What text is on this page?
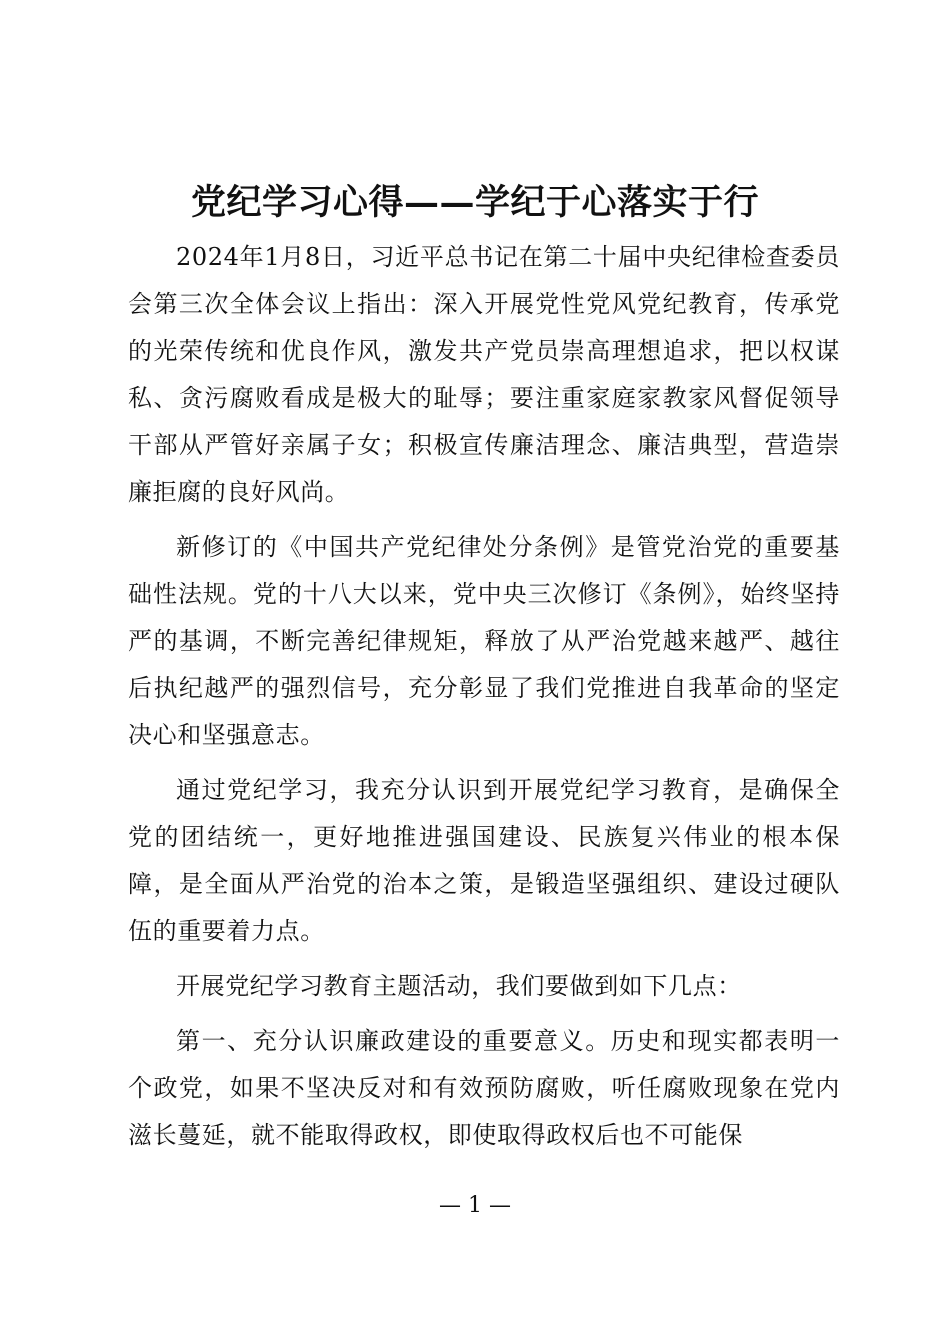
党纪学习心得——学纪于心落实于行

2024年1月8日，习近平总书记在第二十届中央纪律检查委员会第三次全体会议上指出：深入开展党性党风党纪教育，传承党的光荣传统和优良作风，激发共产党员崇高理想追求，把以权谋私、贪污腐败看成是极大的耻辱；要注重家庭家教家风督促领导干部从严管好亲属子女；积极宣传廉洁理念、廉洁典型，营造崇廉拒腐的良好风尚。

新修订的《中国共产党纪律处分条例》是管党治党的重要基础性法规。党的十八大以来，党中央三次修订《条例》，始终坚持严的基调，不断完善纪律规矩，释放了从严治党越来越严、越往后执纪越严的强烈信号，充分彰显了我们党推进自我革命的坚定决心和坚强意志。

通过党纪学习，我充分认识到开展党纪学习教育，是确保全党的团结统一，更好地推进强国建设、民族复兴伟业的根本保障，是全面从严治党的治本之策，是锻造坚强组织、建设过硬队伍的重要着力点。

开展党纪学习教育主题活动，我们要做到如下几点：

第一、充分认识廉政建设的重要意义。历史和现实都表明一个政党，如果不坚决反对和有效预防腐败，听任腐败现象在党内滋长蔓延，就不能取得政权，即使取得政权后也不可能保

— 1 —
